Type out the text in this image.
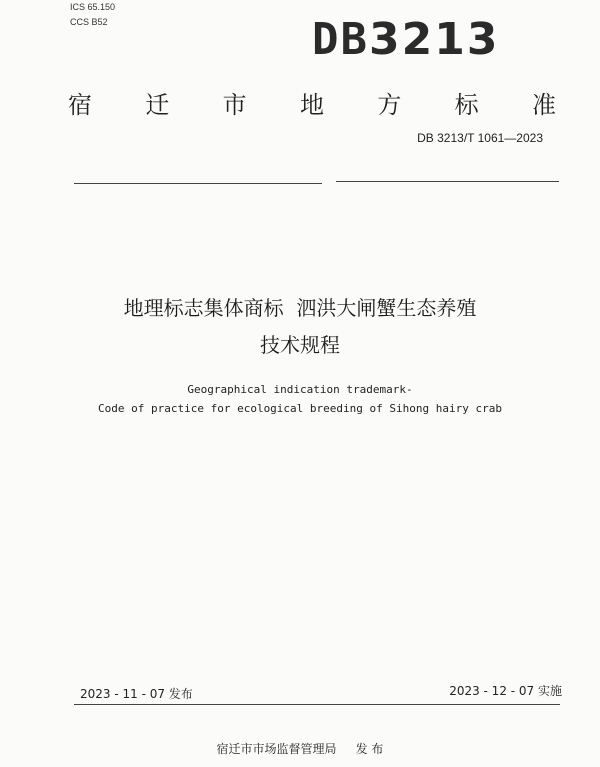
ICS 65.150
CCS B52	DB3213
宿 迁 市 地 方 标 准
DB 3213/T 1061—2023
地理标志集体商标  泗洪大闸蟹生态养殖
技术规程
Geographical indication trademark-
Code of practice for ecological breeding of Sihong hairy crab
2023 - 11 - 07 发布	2023 - 12 - 07 实施
宿迁市市场监督管理局     发 布
